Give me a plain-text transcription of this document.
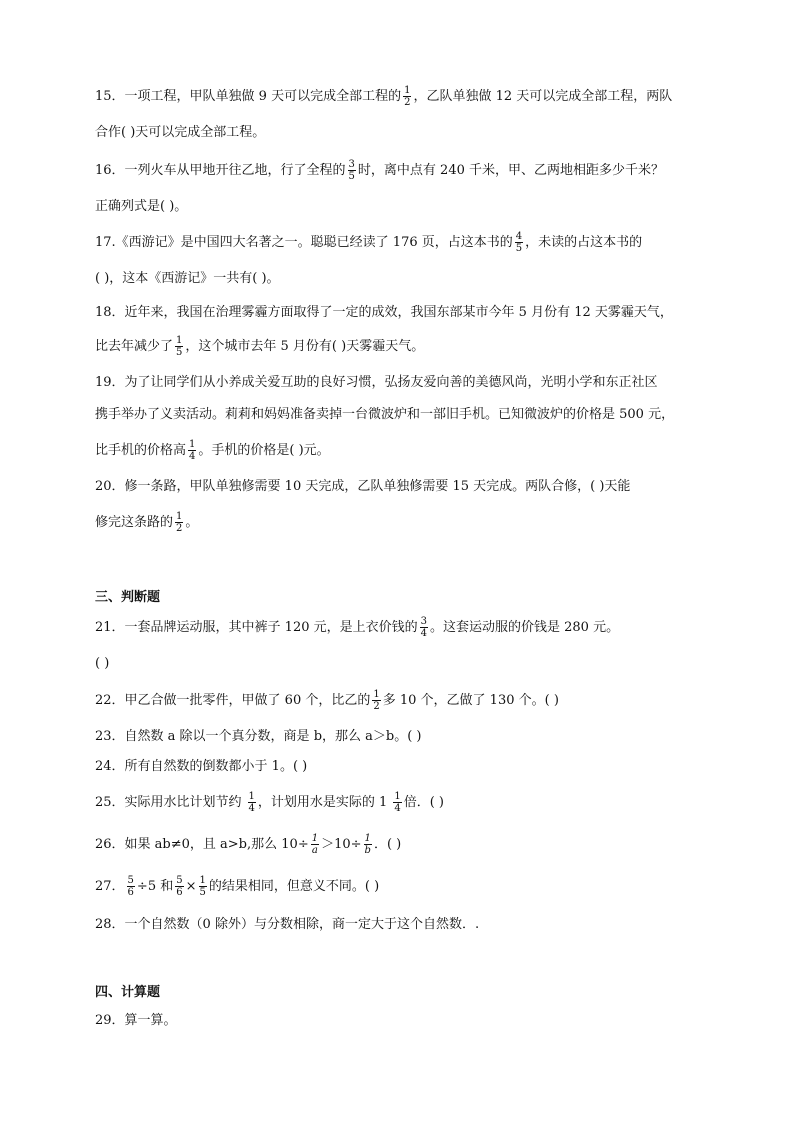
15．一项工程，甲队单独做 9 天可以完成全部工程的 $\frac{1}{2}$ ，乙队单独做 12 天可以完成全部工程，两队
合作( )天可以完成全部工程。
16．一列火车从甲地开往乙地，行了全程的 $\frac{3}{5}$ 时，离中点有 240 千米，甲、乙两地相距多少千米？
正确列式是( )。
17.《西游记》是中国四大名著之一。聪聪已经读了 176 页，占这本书的 $\frac{4}{5}$ ，未读的占这本书的
( )，这本《西游记》一共有( )。
18．近年来，我国在治理雾霾方面取得了一定的成效，我国东部某市今年 5 月份有 12 天雾霾天气，
比去年减少了 $\frac{1}{5}$ ，这个城市去年 5 月份有( )天雾霾天气。
19．为了让同学们从小养成关爱互助的良好习惯，弘扬友爱向善的美德风尚，光明小学和东正社区
携手举办了义卖活动。莉莉和妈妈准备卖掉一台微波炉和一部旧手机。已知微波炉的价格是 500 元，
比手机的价格高 $\frac{1}{4}$ 。手机的价格是( )元。
20．修一条路，甲队单独修需要 10 天完成，乙队单独修需要 15 天完成。两队合修，( )天能
修完这条路的 $\frac{1}{2}$ 。
三、判断题
21．一套品牌运动服，其中裤子 120 元，是上衣价钱的 $\frac{3}{4}$ 。这套运动服的价钱是 280 元。
( )
22．甲乙合做一批零件，甲做了 60 个，比乙的 $\frac{1}{2}$ 多 10 个，乙做了 130 个。( )
23．自然数 a 除以一个真分数，商是 b，那么 a＞b。( )
24．所有自然数的倒数都小于 1。( )
25．实际用水比计划节约 $\frac{1}{4}$ ，计划用水是实际的 $1 \frac{1}{4}$ 倍．( )
26．如果 ab≠0，且 a>b,那么 $10\div \frac{1}{a} >10\div \frac{1}{b}$ ．( )
27． $\frac{5}{6} \div 5$ 和 $\frac{5}{6} \times \frac{1}{5}$ 的结果相同，但意义不同。( )
28．一个自然数（0 除外）与分数相除，商一定大于这个自然数．.
四、计算题
29．算一算。
